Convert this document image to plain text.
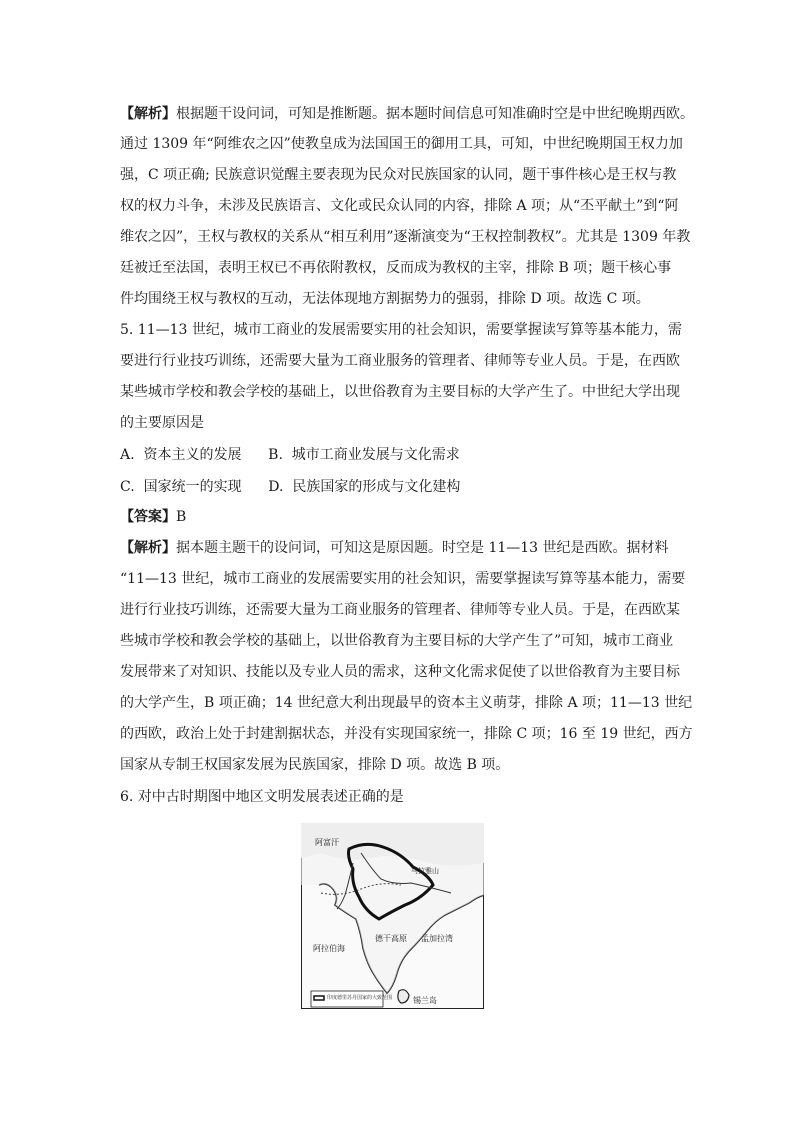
【解析】根据题干设问词，可知是推断题。据本题时间信息可知准确时空是中世纪晚期西欧。
通过 1309 年“阿维农之囚”使教皇成为法国国王的御用工具，可知，中世纪晚期国王权力加
强，C 项正确; 民族意识觉醒主要表现为民众对民族国家的认同，题干事件核心是王权与教
权的权力斗争，未涉及民族语言、文化或民众认同的内容，排除 A 项；从“丕平献土”到“阿
维农之囚”，王权与教权的关系从“相互利用”逐渐演变为“王权控制教权”。尤其是 1309 年教
廷被迁至法国，表明王权已不再依附教权，反而成为教权的主宰，排除 B 项；题干核心事
件均围绕王权与教权的互动，无法体现地方割据势力的强弱，排除 D 项。故选 C 项。
5. 11—13 世纪，城市工商业的发展需要实用的社会知识，需要掌握读写算等基本能力，需
要进行行业技巧训练，还需要大量为工商业服务的管理者、律师等专业人员。于是，在西欧
某些城市学校和教会学校的基础上，以世俗教育为主要目标的大学产生了。中世纪大学出现
的主要原因是
A.  资本主义的发展      B.  城市工商业发展与文化需求
C.  国家统一的实现      D.  民族国家的形成与文化建构
【答案】B
【解析】据本题主题干的设问词，可知这是原因题。时空是 11—13 世纪是西欧。据材料
“11—13 世纪，城市工商业的发展需要实用的社会知识，需要掌握读写算等基本能力，需要
进行行业技巧训练，还需要大量为工商业服务的管理者、律师等专业人员。于是，在西欧某
些城市学校和教会学校的基础上，以世俗教育为主要目标的大学产生了”可知，城市工商业
发展带来了对知识、技能以及专业人员的需求，这种文化需求促使了以世俗教育为主要目标
的大学产生，B 项正确；14 世纪意大利出现最早的资本主义萌芽，排除 A 项；11—13 世纪
的西欧，政治上处于封建割据状态，并没有实现国家统一，排除 C 项；16 至 19 世纪，西方
国家从专制王权国家发展为民族国家，排除 D 项。故选 B 项。
6. 对中古时期图中地区文明发展表述正确的是
印度德里苏丹国家的大致范围
阿富汗
阿拉伯海
德干高原 孟加拉湾
锡兰岛
马拉雅山
